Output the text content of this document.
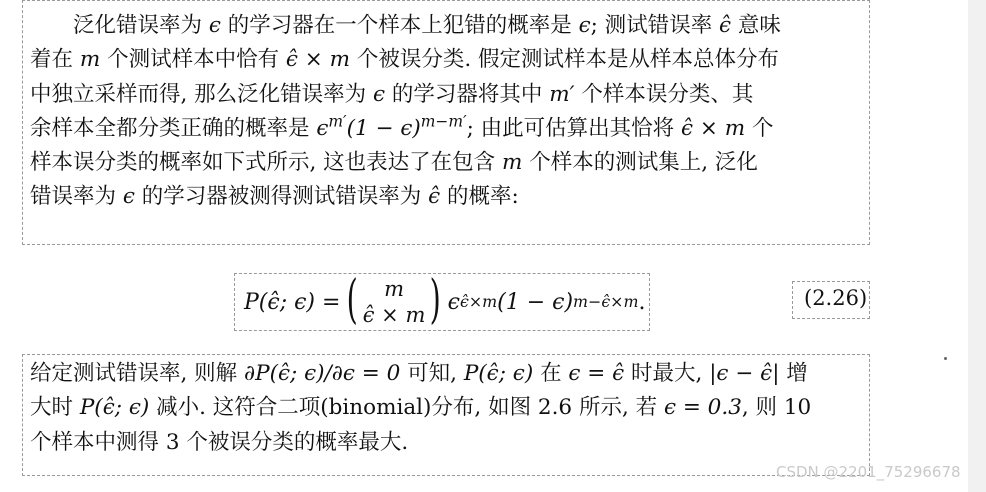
泛化错误率为 ϵ 的学习器在一个样本上犯错的概率是 ϵ; 测试错误率 ϵ̂ 意味
着在 m 个测试样本中恰有 ϵ̂ × m 个被误分类. 假定测试样本是从样本总体分布
中独立采样而得, 那么泛化错误率为 ϵ 的学习器将其中 m′ 个样本误分类、其
余样本全都分类正确的概率是 $\epsilon^{m'}(1 - \epsilon)^{m-m'}$; 由此可估算出其恰将 ϵ̂ × m 个
样本误分类的概率如下式所示, 这也表达了在包含 m 个样本的测试集上, 泛化
错误率为 ϵ 的学习器被测得测试错误率为 ϵ̂ 的概率:
P(ϵ̂; ϵ) = ( m
ϵ̂ × m ) ϵ ϵ̂×m (1 − ϵ) m−ϵ̂×m .	(2.26)
给定测试错误率, 则解 ∂P(ϵ̂; ϵ)/∂ϵ = 0 可知, P(ϵ̂; ϵ) 在 ϵ = ϵ̂ 时最大, |ϵ − ϵ̂| 增
大时 P(ϵ̂; ϵ) 减小. 这符合二项(binomial)分布, 如图 2.6 所示, 若 ϵ = 0.3, 则 10
个样本中测得 3 个被误分类的概率最大.
CSDN @2201_75296678
